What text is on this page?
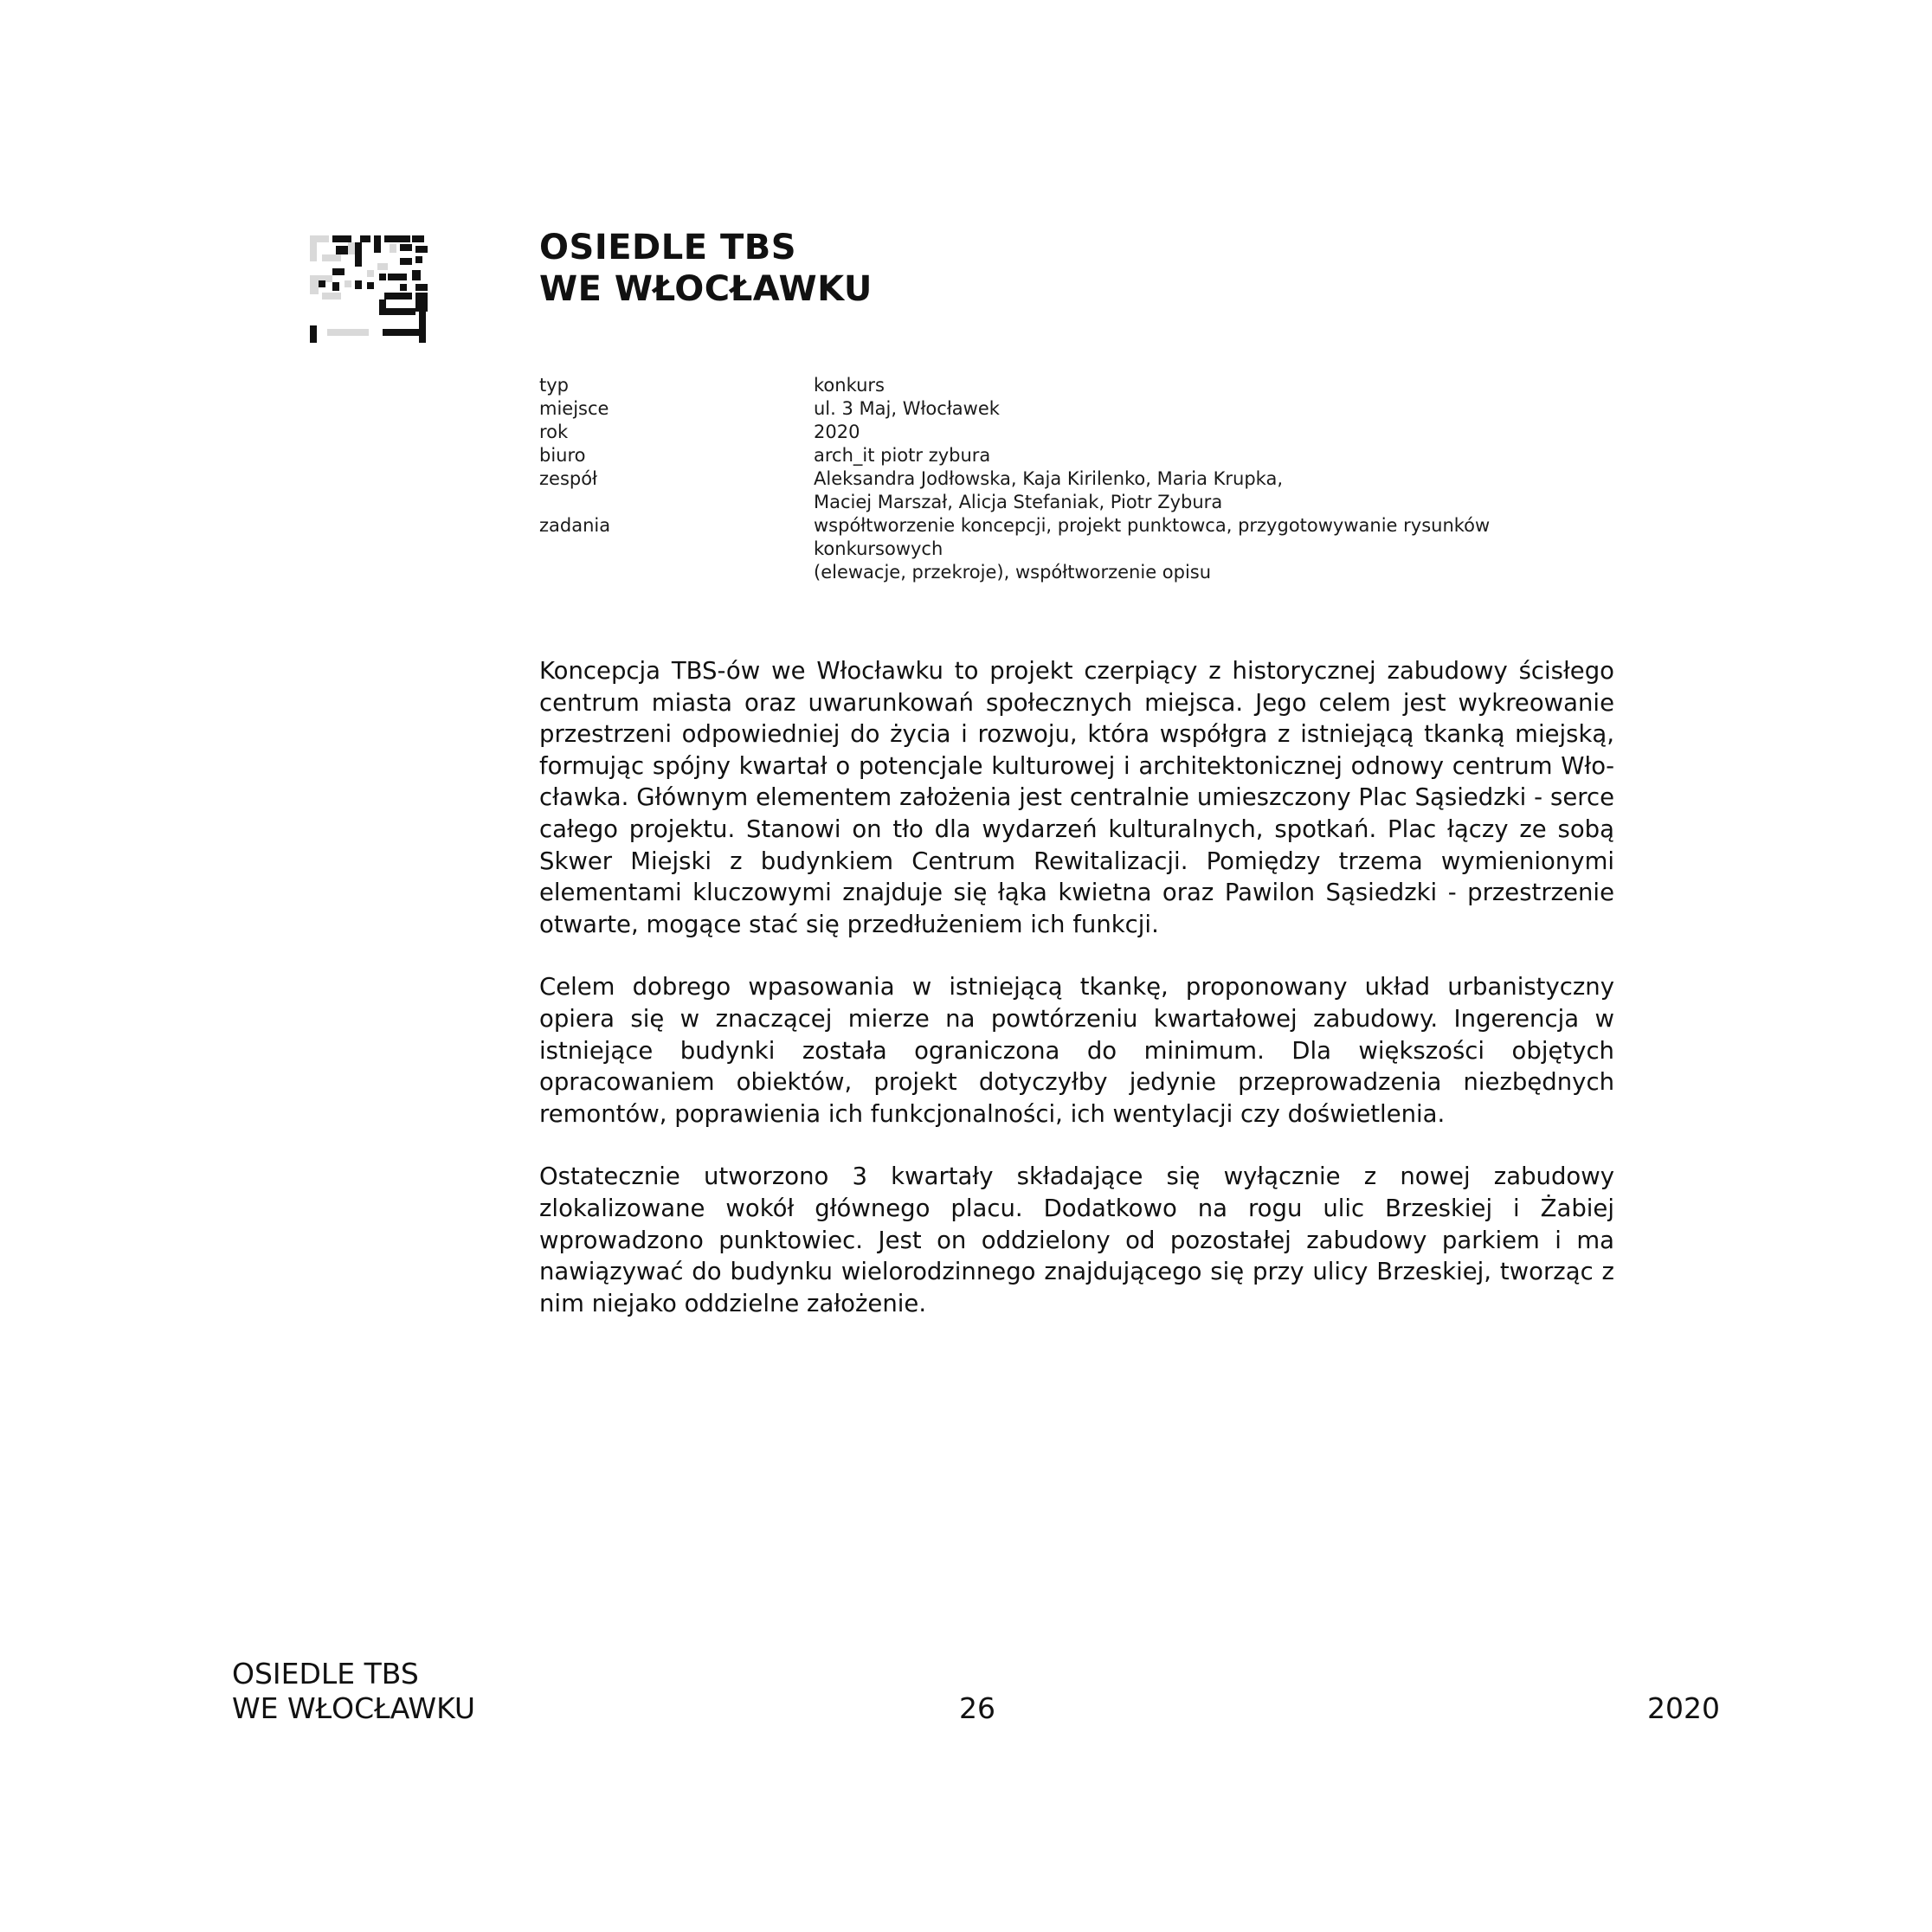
OSIEDLE TBS
WE WŁOCŁAWKU
typ	konkurs
miejsce	ul. 3 Maj, Włocławek
rok	2020
biuro	arch_it piotr zybura
zespół	Aleksandra Jodłowska, Kaja Kirilenko, Maria Krupka,
Maciej Marszał, Alicja Stefaniak, Piotr Zybura
zadania	współtworzenie koncepcji, projekt punktowca, przygotowywanie rysunków konkursowych
(elewacje, przekroje), współtworzenie opisu

Koncepcja TBS-ów we Włocławku to projekt czerpiący z historycznej zabudowy ścisłego centrum miasta oraz uwarunkowań społecznych miejsca. Jego celem jest wykreowanie przestrzeni odpowiedniej do życia i rozwoju, która współgra z istniejącą tkanką miejską, formując spójny kwartał o potencjale kulturowej i architektonicznej odnowy centrum Włocławka. Głównym elementem założenia jest centralnie umieszczony Plac Sąsiedzki - serce całego projektu. Stanowi on tło dla wydarzeń kulturalnych, spotkań. Plac łączy ze sobą Skwer Miejski z budynkiem Centrum Rewitalizacji. Pomiędzy trzema wymienionymi elementami kluczowymi znajduje się łąka kwietna oraz Pawilon Sąsiedzki - przestrzenie otwarte, mogące stać się przedłużeniem ich funkcji.

Celem dobrego wpasowania w istniejącą tkankę, proponowany układ urbanistyczny opiera się w znaczącej mierze na powtórzeniu kwartałowej zabudowy. Ingerencja w istniejące budynki została ograniczona do minimum. Dla większości objętych opracowaniem obiektów, projekt dotyczyłby jedynie przeprowadzenia niezbędnych remontów, poprawienia ich funkcjonalności, ich wentylacji czy doświetlenia.

Ostatecznie utworzono 3 kwartały składające się wyłącznie z nowej zabudowy zlokalizowane wokół głównego placu. Dodatkowo na rogu ulic Brzeskiej i Żabiej wprowadzono punktowiec. Jest on oddzielony od pozostałej zabudowy parkiem i ma nawiązywać do budynku wielorodzinnego znajdującego się przy ulicy Brzeskiej, tworząc z nim niejako oddzielne założenie.

OSIEDLE TBS
WE WŁOCŁAWKU	26	2020
